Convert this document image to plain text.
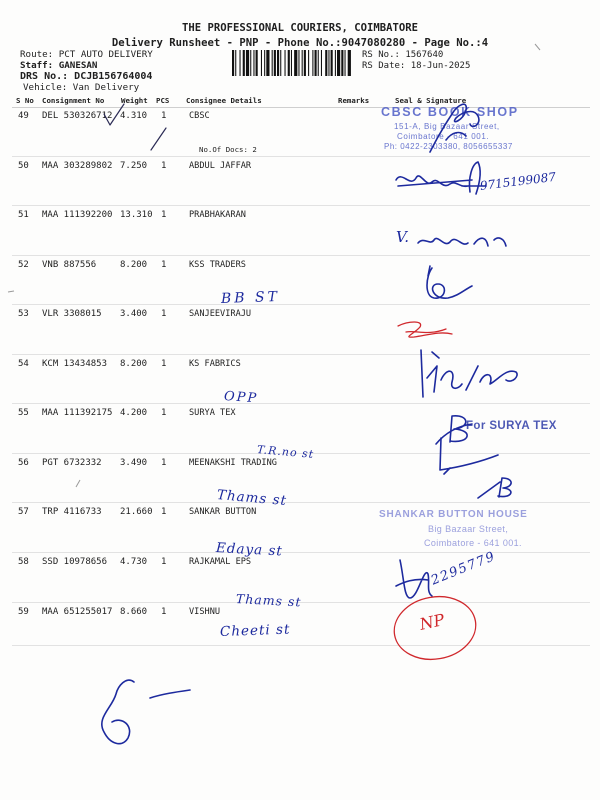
THE PROFESSIONAL COURIERS, COIMBATORE
Delivery Runsheet - PNP - Phone No.:9047080280 - Page No.:4
Route: PCT AUTO DELIVERY
Staff: GANESAN
DRS No.: DCJB156764004
Vehicle: Van Delivery
RS No.: 1567640
RS Date: 18-Jun-2025
S No Consignment No Weight PCS Consignee Details	Remarks	Seal & Signature
49 DEL 530326712 4.310 1	CBSC
No.Of Docs: 2
50 MAA 303289802 7.250 1	ABDUL JAFFAR
51 MAA 111392200 13.310 1	PRABHAKARAN
52 VNB 887556	8.200 1	KSS TRADERS
53 VLR 3308015 3.400 1	SANJEEVIRAJU
54 KCM 13434853 8.200 1	KS FABRICS
55 MAA 111392175 4.200 1	SURYA TEX
56 PGT 6732332 3.490 1	MEENAKSHI TRADING
57 TRP 4116733 21.660 1	SANKAR BUTTON
58 SSD 10978656 4.730 1	RAJKAMAL EPS
59 MAA 651255017 8.660 1	VISHNU
CBSC BOOK SHOP
151-A, Big Bazaar Street,
Coimbatore - 641 001.
Ph: 0422-2303380, 8056655337
For SURYA TEX
SHANKAR BUTTON HOUSE
Big Bazaar Street,
Coimbatore - 641 001.
9715199087
V.
BB ST
OPP
T.R.no st
Thams st
Edaya st
Thams st
2295779
Cheeti st	NP
